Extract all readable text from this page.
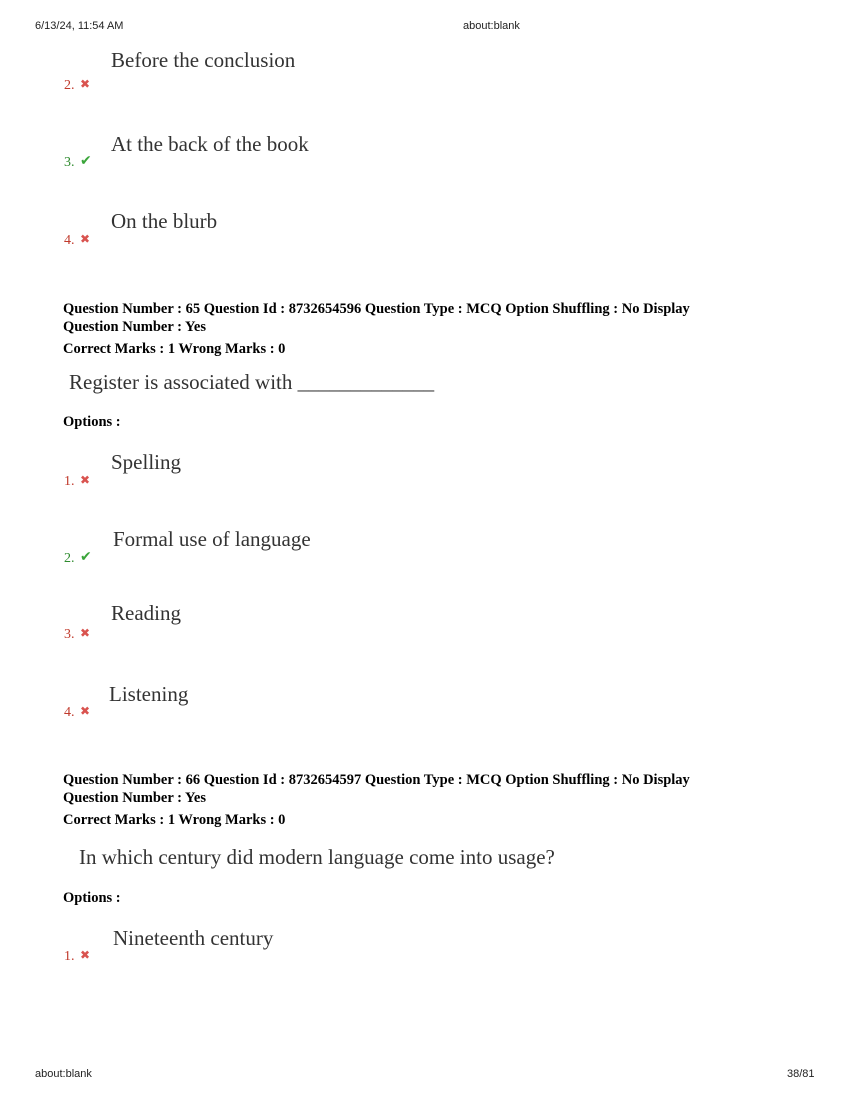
6/13/24, 11:54 AM	about:blank
Before the conclusion
2. ✖
At the back of the book
3. ✔
On the blurb
4. ✖
Question Number : 65 Question Id : 8732654596 Question Type : MCQ Option Shuffling : No Display
Question Number : Yes
Correct Marks : 1 Wrong Marks : 0
Register is associated with _____________
Options :
Spelling
1. ✖
Formal use of language
2. ✔
Reading
3. ✖
Listening
4. ✖
Question Number : 66 Question Id : 8732654597 Question Type : MCQ Option Shuffling : No Display
Question Number : Yes
Correct Marks : 1 Wrong Marks : 0
In which century did modern language come into usage?
Options :
Nineteenth century
1. ✖
about:blank	38/81
